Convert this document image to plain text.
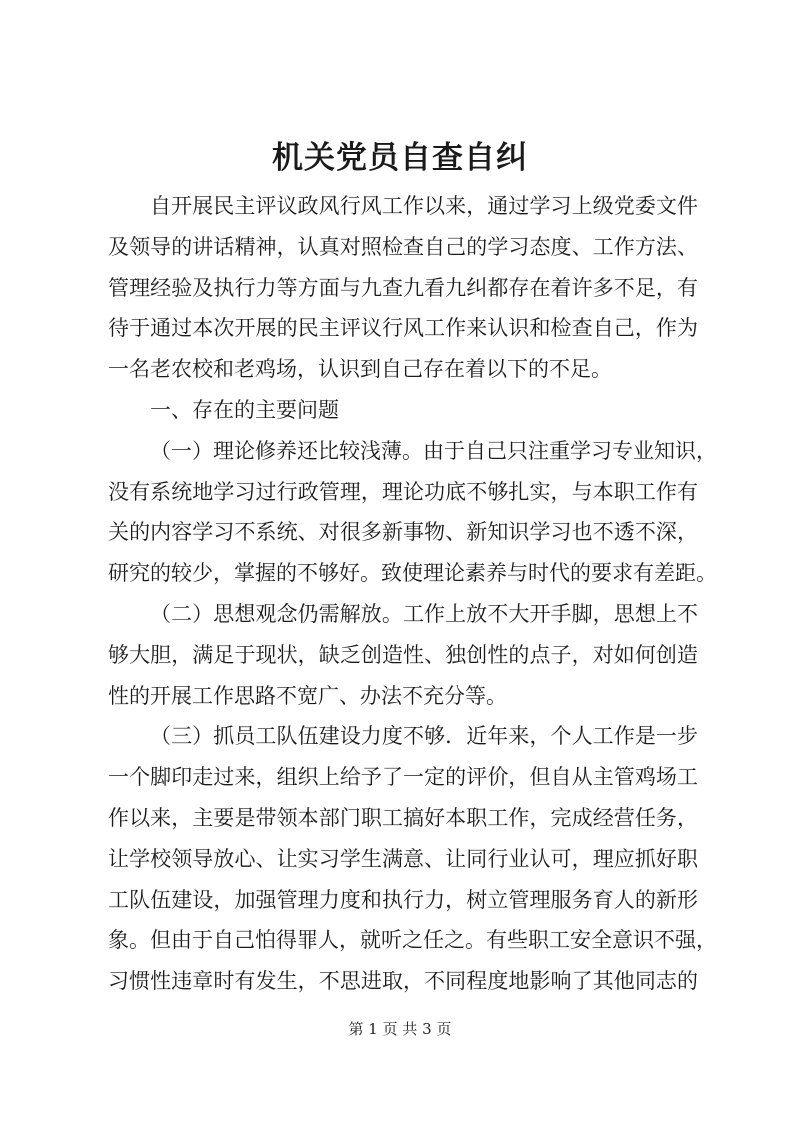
机关党员自查自纠
自开展民主评议政风行风工作以来，通过学习上级党委文件
及领导的讲话精神，认真对照检查自己的学习态度、工作方法、
管理经验及执行力等方面与九查九看九纠都存在着许多不足，有
待于通过本次开展的民主评议行风工作来认识和检查自己，作为
一名老农校和老鸡场，认识到自己存在着以下的不足。
一、存在的主要问题
（一）理论修养还比较浅薄。由于自己只注重学习专业知识，
没有系统地学习过行政管理，理论功底不够扎实，与本职工作有
关的内容学习不系统、对很多新事物、新知识学习也不透不深，
研究的较少，掌握的不够好。致使理论素养与时代的要求有差距。
（二）思想观念仍需解放。工作上放不大开手脚，思想上不
够大胆，满足于现状，缺乏创造性、独创性的点子，对如何创造
性的开展工作思路不宽广、办法不充分等。
（三）抓员工队伍建设力度不够．近年来，个人工作是一步
一个脚印走过来，组织上给予了一定的评价，但自从主管鸡场工
作以来，主要是带领本部门职工搞好本职工作，完成经营任务，
让学校领导放心、让实习学生满意、让同行业认可，理应抓好职
工队伍建设，加强管理力度和执行力，树立管理服务育人的新形
象。但由于自己怕得罪人，就听之任之。有些职工安全意识不强，
习惯性违章时有发生，不思进取，不同程度地影响了其他同志的
第 1 页 共 3 页
